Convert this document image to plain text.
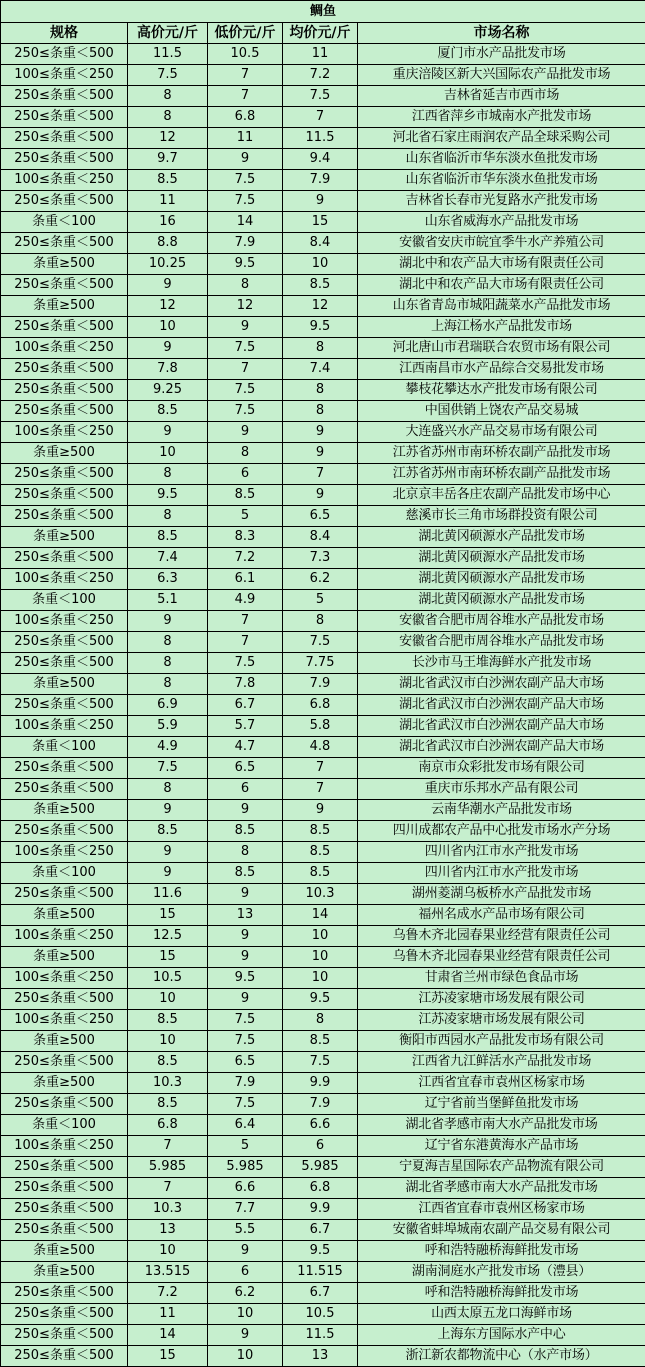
鲷鱼				
规格	高价元/斤	低价元/斤	均价元/斤	市场名称
250≤条重＜500	11.5	10.5	11	厦门市水产品批发市场
100≤条重＜250	7.5	7	7.2	重庆涪陵区新大兴国际农产品批发市场
250≤条重＜500	8	7	7.5	吉林省延吉市西市场
250≤条重＜500	8	6.8	7	江西省萍乡市城南水产批发市场
250≤条重＜500	12	11	11.5	河北省石家庄雨润农产品全球采购公司
250≤条重＜500	9.7	9	9.4	山东省临沂市华东淡水鱼批发市场
100≤条重＜250	8.5	7.5	7.9	山东省临沂市华东淡水鱼批发市场
250≤条重＜500	11	7.5	9	吉林省长春市光复路水产批发市场
条重＜100	16	14	15	山东省威海水产品批发市场
250≤条重＜500	8.8	7.9	8.4	安徽省安庆市皖宜季牛水产养殖公司
条重≥500	10.25	9.5	10	湖北中和农产品大市场有限责任公司
250≤条重＜500	9	8	8.5	湖北中和农产品大市场有限责任公司
条重≥500	12	12	12	山东省青岛市城阳蔬菜水产品批发市场
250≤条重＜500	10	9	9.5	上海江杨水产品批发市场
100≤条重＜250	9	7.5	8	河北唐山市君瑞联合农贸市场有限公司
250≤条重＜500	7.8	7	7.4	江西南昌市水产品综合交易批发市场
250≤条重＜500	9.25	7.5	8	攀枝花攀达水产批发市场有限公司
250≤条重＜500	8.5	7.5	8	中国供销上饶农产品交易城
100≤条重＜250	9	9	9	大连盛兴水产品交易市场有限公司
条重≥500	10	8	9	江苏省苏州市南环桥农副产品批发市场
250≤条重＜500	8	6	7	江苏省苏州市南环桥农副产品批发市场
250≤条重＜500	9.5	8.5	9	北京京丰岳各庄农副产品批发市场中心
250≤条重＜500	8	5	6.5	慈溪市长三角市场群投资有限公司
条重≥500	8.5	8.3	8.4	湖北黄冈硕源水产品批发市场
250≤条重＜500	7.4	7.2	7.3	湖北黄冈硕源水产品批发市场
100≤条重＜250	6.3	6.1	6.2	湖北黄冈硕源水产品批发市场
条重＜100	5.1	4.9	5	湖北黄冈硕源水产品批发市场
100≤条重＜250	9	7	8	安徽省合肥市周谷堆水产品批发市场
250≤条重＜500	8	7	7.5	安徽省合肥市周谷堆水产品批发市场
250≤条重＜500	8	7.5	7.75	长沙市马王堆海鲜水产批发市场
条重≥500	8	7.8	7.9	湖北省武汉市白沙洲农副产品大市场
250≤条重＜500	6.9	6.7	6.8	湖北省武汉市白沙洲农副产品大市场
100≤条重＜250	5.9	5.7	5.8	湖北省武汉市白沙洲农副产品大市场
条重＜100	4.9	4.7	4.8	湖北省武汉市白沙洲农副产品大市场
250≤条重＜500	7.5	6.5	7	南京市众彩批发市场有限公司
250≤条重＜500	8	6	7	重庆市乐邦水产品有限公司
条重≥500	9	9	9	云南华潮水产品批发市场
250≤条重＜500	8.5	8.5	8.5	四川成都农产品中心批发市场水产分场
100≤条重＜250	9	8	8.5	四川省内江市水产批发市场
条重＜100	9	8.5	8.5	四川省内江市水产批发市场
250≤条重＜500	11.6	9	10.3	湖州菱湖乌板桥水产品批发市场
条重≥500	15	13	14	福州名成水产品市场有限公司
100≤条重＜250	12.5	9	10	乌鲁木齐北园春果业经营有限责任公司
条重≥500	15	9	10	乌鲁木齐北园春果业经营有限责任公司
100≤条重＜250	10.5	9.5	10	甘肃省兰州市绿色食品市场
250≤条重＜500	10	9	9.5	江苏凌家塘市场发展有限公司
100≤条重＜250	8.5	7.5	8	江苏凌家塘市场发展有限公司
条重≥500	10	7.5	8.5	衡阳市西园水产品批发市场有限公司
250≤条重＜500	8.5	6.5	7.5	江西省九江鲜活水产品批发市场
条重≥500	10.3	7.9	9.9	江西省宜春市袁州区杨家市场
250≤条重＜500	8.5	7.5	7.9	辽宁省前当堡鲜鱼批发市场
条重＜100	6.8	6.4	6.6	湖北省孝感市南大水产品批发市场
100≤条重＜250	7	5	6	辽宁省东港黄海水产品市场
250≤条重＜500	5.985	5.985	5.985	宁夏海吉星国际农产品物流有限公司
250≤条重＜500	7	6.6	6.8	湖北省孝感市南大水产品批发市场
250≤条重＜500	10.3	7.7	9.9	江西省宜春市袁州区杨家市场
250≤条重＜500	13	5.5	6.7	安徽省蚌埠城南农副产品交易有限公司
条重≥500	10	9	9.5	呼和浩特融桥海鲜批发市场
条重≥500	13.515	6	11.515	湖南洞庭水产批发市场（澧县）
250≤条重＜500	7.2	6.2	6.7	呼和浩特融桥海鲜批发市场
250≤条重＜500	11	10	10.5	山西太原五龙口海鲜市场
250≤条重＜500	14	9	11.5	上海东方国际水产中心
250≤条重＜500	15	10	13	浙江新农都物流中心（水产市场）
